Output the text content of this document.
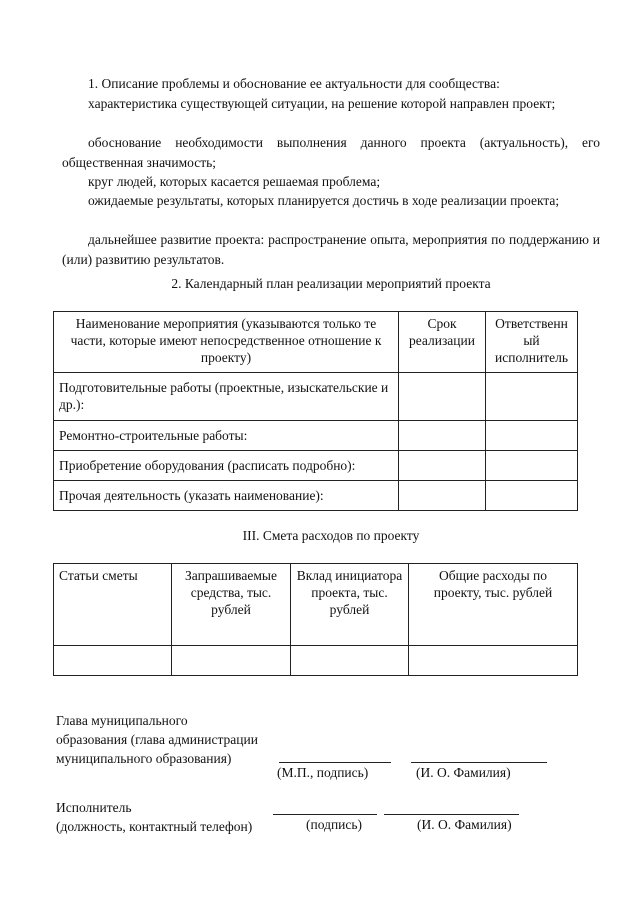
1. Описание проблемы и обоснование ее актуальности для сообщества:
характеристика существующей ситуации, на решение которой направлен проект;
обоснование необходимости выполнения данного проекта (актуальность), его общественная значимость;
круг людей, которых касается решаемая проблема;
ожидаемые результаты, которых планируется достичь в ходе реализации проекта;
дальнейшее развитие проекта: распространение опыта, мероприятия по поддержанию и (или) развитию результатов.
2. Календарный план реализации мероприятий проекта
Наименование мероприятия (указываются только те части, которые имеют непосредственное отношение к проекту)	Срок реализации	Ответственн ый исполнитель
Подготовительные работы (проектные, изыскательские и др.):		
Ремонтно-строительные работы:		
Приобретение оборудования (расписать подробно):		
Прочая деятельность (указать наименование):		
III. Смета расходов по проекту
Статьи сметы	Запрашиваемые средства, тыс. рублей	Вклад инициатора проекта, тыс. рублей	Общие расходы по проекту, тыс. рублей

Главa муниципального
образования (главa администрации
муниципального образования)
(М.П., подпись)	(И. О. Фамилия)
Исполнитель
(должность, контактный телефон)	(подпись)	(И. О. Фамилия)
